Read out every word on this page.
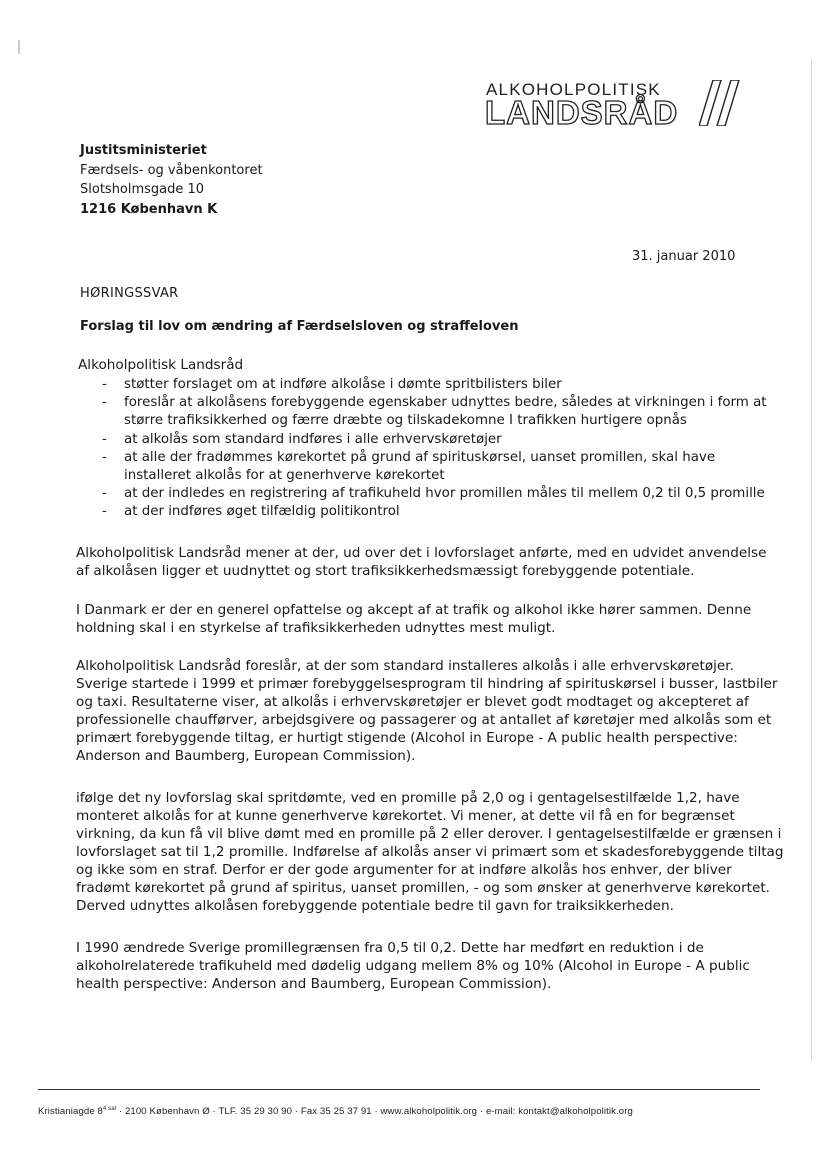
ALKOHOLPOLITISK
LANDSRÅD
Justitsministeriet
Færdsels- og våbenkontoret
Slotsholmsgade 10
1216 København K
31. januar 2010
HØRINGSSVAR
Forslag til lov om ændring af Færdselsloven og straffeloven
Alkoholpolitisk Landsråd
-	støtter forslaget om at indføre alkolåse i dømte spritbilisters biler
-	foreslår at alkolåsens forebyggende egenskaber udnyttes bedre, således at virkningen i form at
større trafiksikkerhed og færre dræbte og tilskadekomne I trafikken hurtigere opnås
-	at alkolås som standard indføres i alle erhvervskøretøjer
-	at alle der fradømmes kørekortet på grund af spirituskørsel, uanset promillen, skal have
installeret alkolås for at generhverve kørekortet
-	at der indledes en registrering af trafikuheld hvor promillen måles til mellem 0,2 til 0,5 promille
-	at der indføres øget tilfældig politikontrol
Alkoholpolitisk Landsråd mener at der, ud over det i lovforslaget anførte, med en udvidet anvendelse
af alkolåsen ligger et uudnyttet og stort trafiksikkerhedsmæssigt forebyggende potentiale.
I Danmark er der en generel opfattelse og akcept af at trafik og alkohol ikke hører sammen. Denne
holdning skal i en styrkelse af trafiksikkerheden udnyttes mest muligt.
Alkoholpolitisk Landsråd foreslår, at der som standard installeres alkolås i alle erhvervskøretøjer.
Sverige startede i 1999 et primær forebyggelsesprogram til hindring af spirituskørsel i busser, lastbiler
og taxi. Resultaterne viser, at alkolås i erhvervskøretøjer er blevet godt modtaget og akcepteret af
professionelle chaufførver, arbejdsgivere og passagerer og at antallet af køretøjer med alkolås som et
primært forebyggende tiltag, er hurtigt stigende (Alcohol in Europe - A public health perspective:
Anderson and Baumberg, European Commission).
ifølge det ny lovforslag skal spritdømte, ved en promille på 2,0 og i gentagelsestilfælde 1,2, have
monteret alkolås for at kunne generhverve kørekortet. Vi mener, at dette vil få en for begrænset
virkning, da kun få vil blive dømt med en promille på 2 eller derover. I gentagelsestilfælde er grænsen i
lovforslaget sat til 1,2 promille. Indførelse af alkolås anser vi primært som et skadesforebyggende tiltag
og ikke som en straf. Derfor er der gode argumenter for at indføre alkolås hos enhver, der bliver
fradømt kørekortet på grund af spiritus, uanset promillen, - og som ønsker at generhverve kørekortet.
Derved udnyttes alkolåsen forebyggende potentiale bedre til gavn for traiksikkerheden.
I 1990 ændrede Sverige promillegrænsen fra 0,5 til 0,2. Dette har medført en reduktion i de
alkoholrelaterede trafikuheld med dødelig udgang mellem 8% og 10% (Alcohol in Europe - A public
health perspective: Anderson and Baumberg, European Commission).
Kristianiagde $8^{4 sal} \cdot 2100$ København Ø · TLF. 35 29 30 90 · Fax 35 25 37 91 · www.alkoholpolitik.org · e-mail: kontakt@alkoholpolitik.org
